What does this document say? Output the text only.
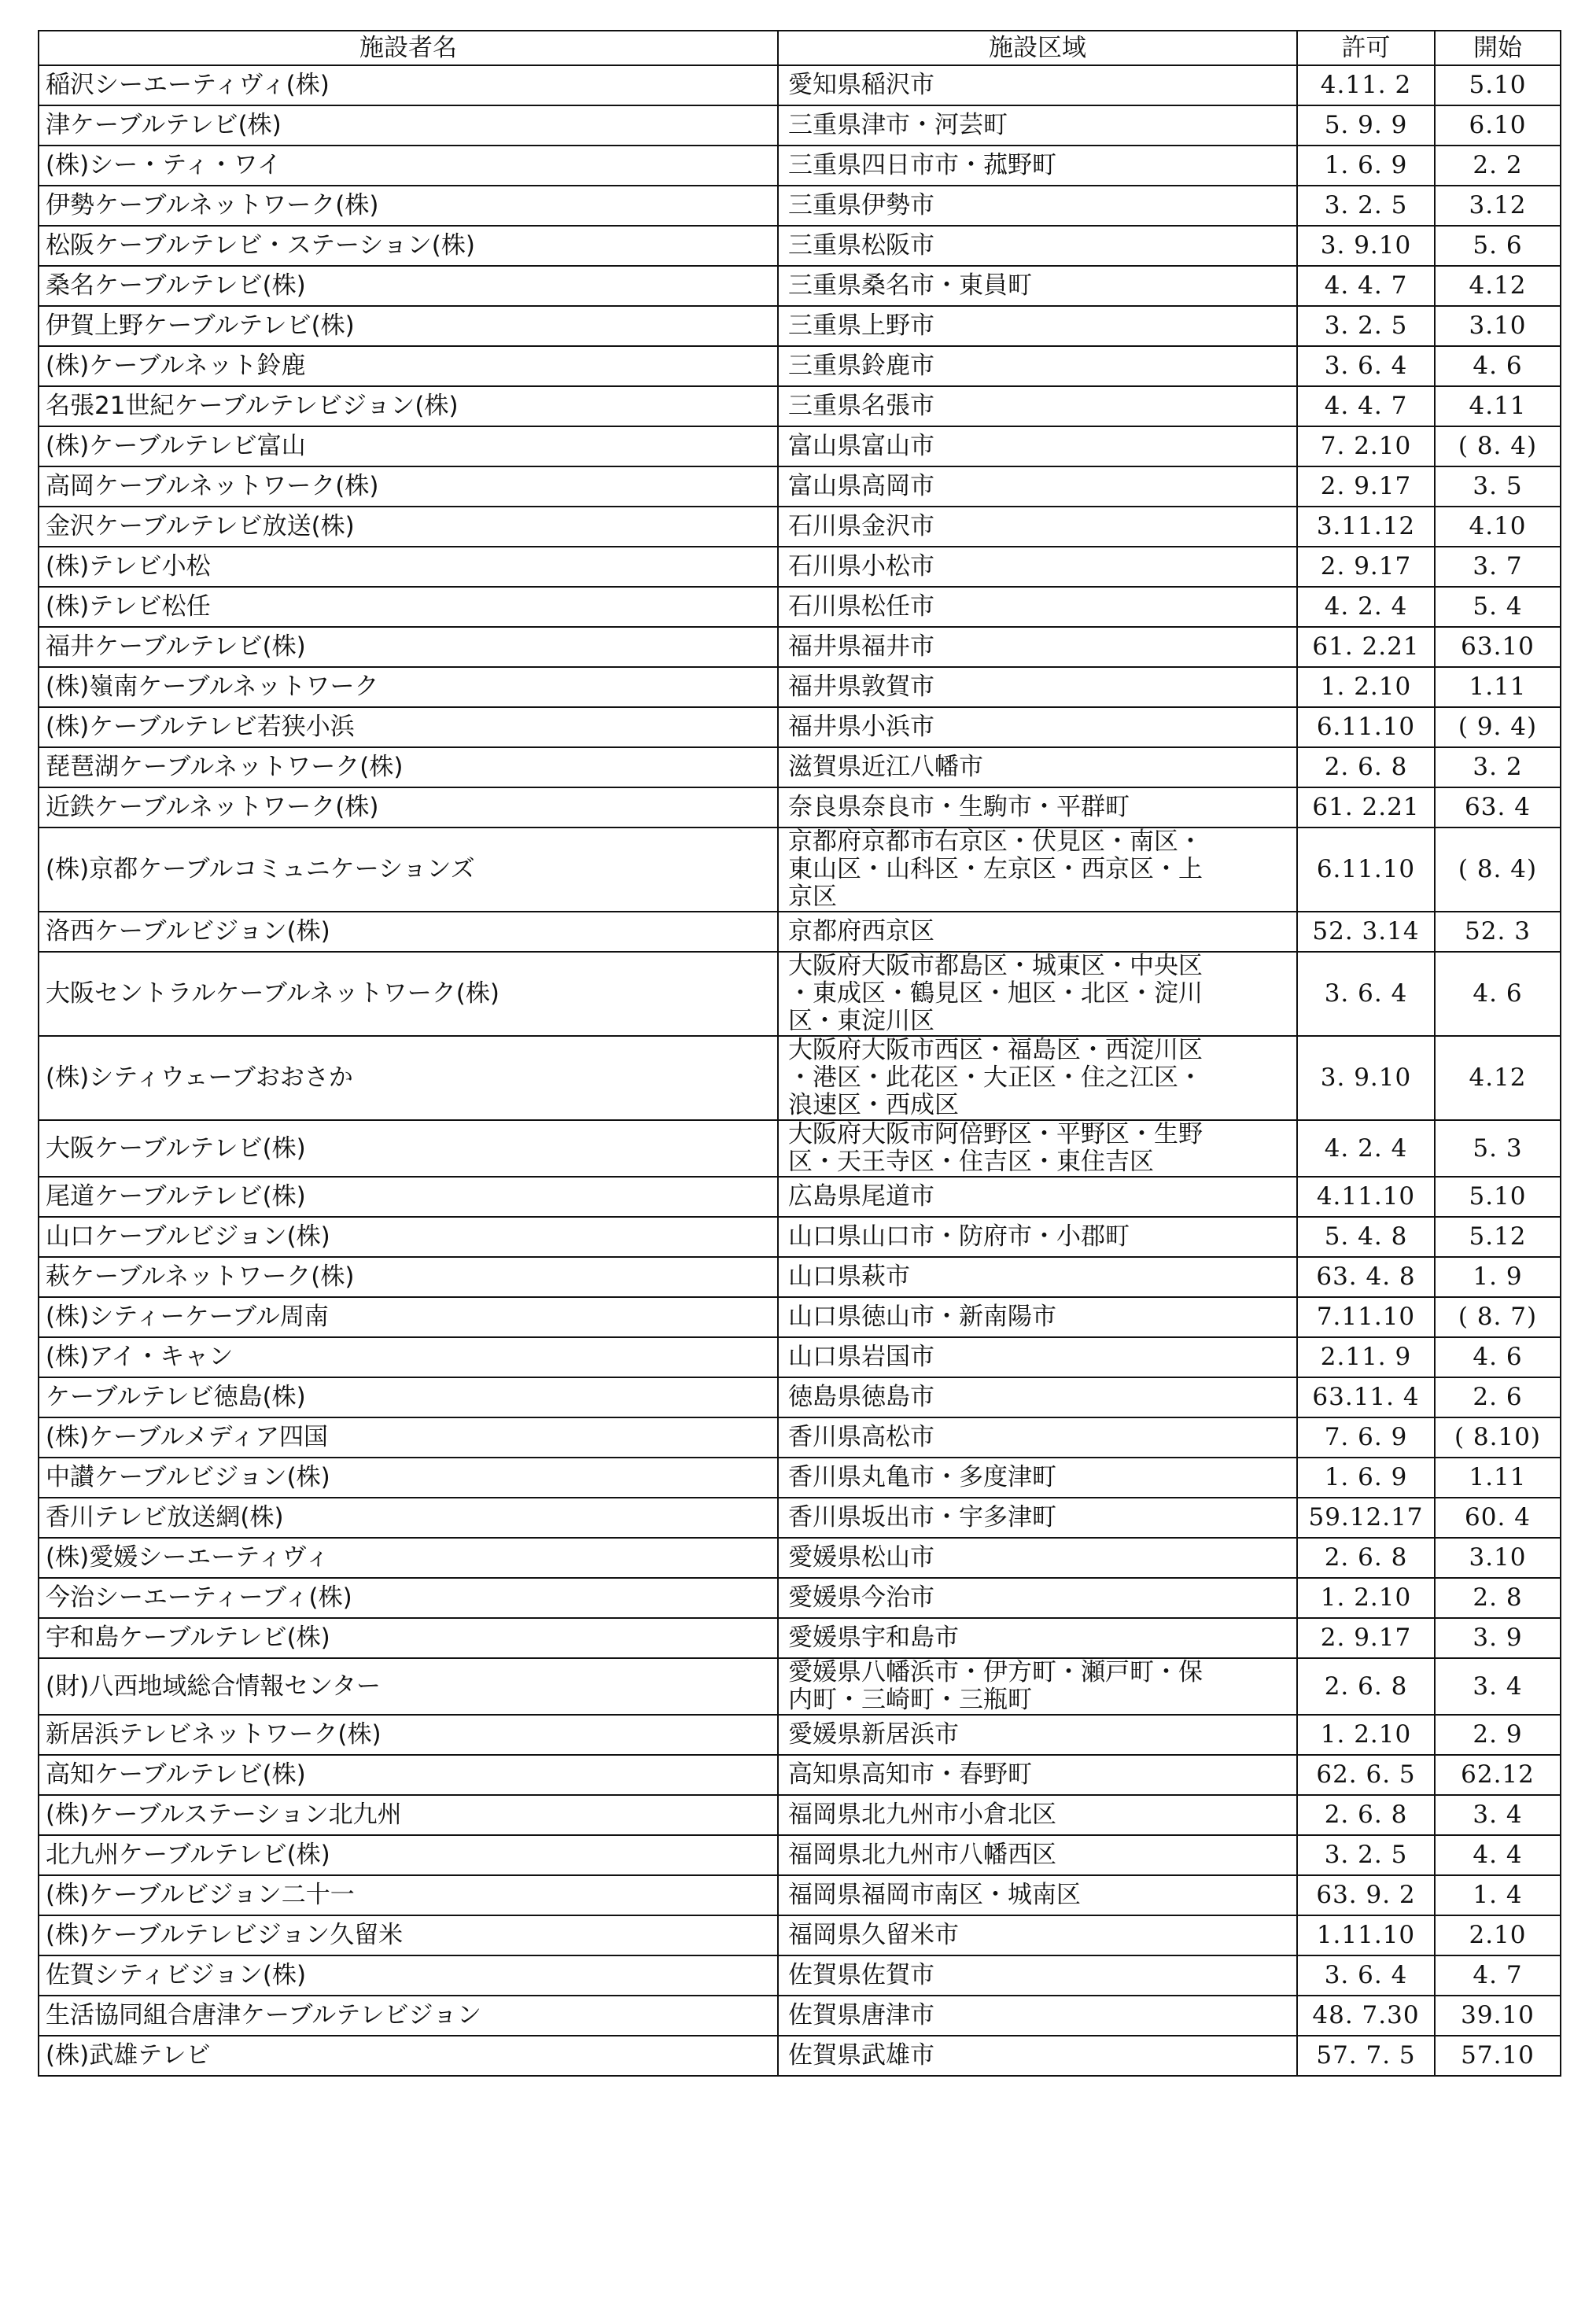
施設者名	施設区域	許可	開始
稲沢シーエーティヴィ(株)	愛知県稲沢市	4.11. 2	5.10
津ケーブルテレビ(株)	三重県津市・河芸町	5. 9. 9	6.10
(株)シー・ティ・ワイ	三重県四日市市・菰野町	1. 6. 9	2. 2
伊勢ケーブルネットワーク(株)	三重県伊勢市	3. 2. 5	3.12
松阪ケーブルテレビ・ステーション(株)	三重県松阪市	3. 9.10	5. 6
桑名ケーブルテレビ(株)	三重県桑名市・東員町	4. 4. 7	4.12
伊賀上野ケーブルテレビ(株)	三重県上野市	3. 2. 5	3.10
(株)ケーブルネット鈴鹿	三重県鈴鹿市	3. 6. 4	4. 6
名張21世紀ケーブルテレビジョン(株)	三重県名張市	4. 4. 7	4.11
(株)ケーブルテレビ富山	富山県富山市	7. 2.10	( 8. 4)
高岡ケーブルネットワーク(株)	富山県高岡市	2. 9.17	3. 5
金沢ケーブルテレビ放送(株)	石川県金沢市	3.11.12	4.10
(株)テレビ小松	石川県小松市	2. 9.17	3. 7
(株)テレビ松任	石川県松任市	4. 2. 4	5. 4
福井ケーブルテレビ(株)	福井県福井市	61. 2.21	63.10
(株)嶺南ケーブルネットワーク	福井県敦賀市	1. 2.10	1.11
(株)ケーブルテレビ若狭小浜	福井県小浜市	6.11.10	( 9. 4)
琵琶湖ケーブルネットワーク(株)	滋賀県近江八幡市	2. 6. 8	3. 2
近鉄ケーブルネットワーク(株)	奈良県奈良市・生駒市・平群町	61. 2.21	63. 4
(株)京都ケーブルコミュニケーションズ	京都府京都市右京区・伏見区・南区・
東山区・山科区・左京区・西京区・上
京区	6.11.10	( 8. 4)
洛西ケーブルビジョン(株)	京都府西京区	52. 3.14	52. 3
大阪セントラルケーブルネットワーク(株)	大阪府大阪市都島区・城東区・中央区
・東成区・鶴見区・旭区・北区・淀川
区・東淀川区	3. 6. 4	4. 6
(株)シティウェーブおおさか	大阪府大阪市西区・福島区・西淀川区
・港区・此花区・大正区・住之江区・
浪速区・西成区	3. 9.10	4.12
大阪ケーブルテレビ(株)	大阪府大阪市阿倍野区・平野区・生野
区・天王寺区・住吉区・東住吉区	4. 2. 4	5. 3
尾道ケーブルテレビ(株)	広島県尾道市	4.11.10	5.10
山口ケーブルビジョン(株)	山口県山口市・防府市・小郡町	5. 4. 8	5.12
萩ケーブルネットワーク(株)	山口県萩市	63. 4. 8	1. 9
(株)シティーケーブル周南	山口県徳山市・新南陽市	7.11.10	( 8. 7)
(株)アイ・キャン	山口県岩国市	2.11. 9	4. 6
ケーブルテレビ徳島(株)	徳島県徳島市	63.11. 4	2. 6
(株)ケーブルメディア四国	香川県高松市	7. 6. 9	( 8.10)
中讃ケーブルビジョン(株)	香川県丸亀市・多度津町	1. 6. 9	1.11
香川テレビ放送網(株)	香川県坂出市・宇多津町	59.12.17	60. 4
(株)愛媛シーエーティヴィ	愛媛県松山市	2. 6. 8	3.10
今治シーエーティーブィ(株)	愛媛県今治市	1. 2.10	2. 8
宇和島ケーブルテレビ(株)	愛媛県宇和島市	2. 9.17	3. 9
(財)八西地域総合情報センター	愛媛県八幡浜市・伊方町・瀬戸町・保
内町・三崎町・三瓶町	2. 6. 8	3. 4
新居浜テレビネットワーク(株)	愛媛県新居浜市	1. 2.10	2. 9
高知ケーブルテレビ(株)	高知県高知市・春野町	62. 6. 5	62.12
(株)ケーブルステーション北九州	福岡県北九州市小倉北区	2. 6. 8	3. 4
北九州ケーブルテレビ(株)	福岡県北九州市八幡西区	3. 2. 5	4. 4
(株)ケーブルビジョン二十一	福岡県福岡市南区・城南区	63. 9. 2	1. 4
(株)ケーブルテレビジョン久留米	福岡県久留米市	1.11.10	2.10
佐賀シティビジョン(株)	佐賀県佐賀市	3. 6. 4	4. 7
生活協同組合唐津ケーブルテレビジョン	佐賀県唐津市	48. 7.30	39.10
(株)武雄テレビ	佐賀県武雄市	57. 7. 5	57.10
